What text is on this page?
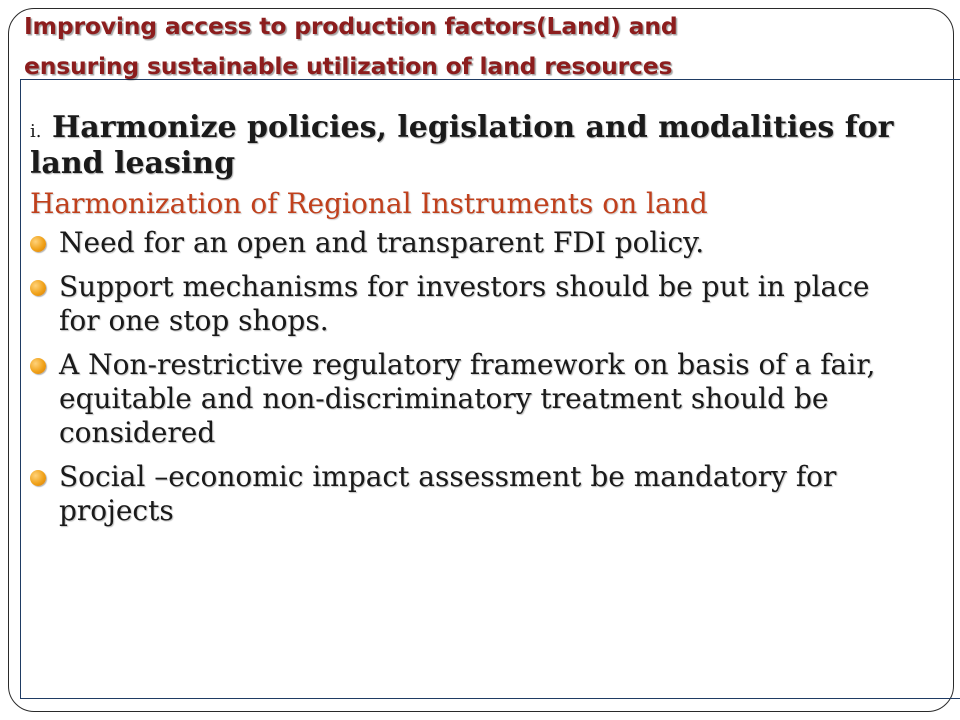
Improving access to production factors(Land) and
ensuring sustainable utilization of land resources
i. Harmonize policies, legislation and modalities for
land leasing
Harmonization of Regional Instruments on land
Need for an open and transparent FDI policy.
Support mechanisms for investors should be put in place
for one stop shops.
A Non-restrictive regulatory framework on basis of a fair,
equitable and non-discriminatory treatment should be
considered
Social –economic impact assessment be mandatory for
projects
